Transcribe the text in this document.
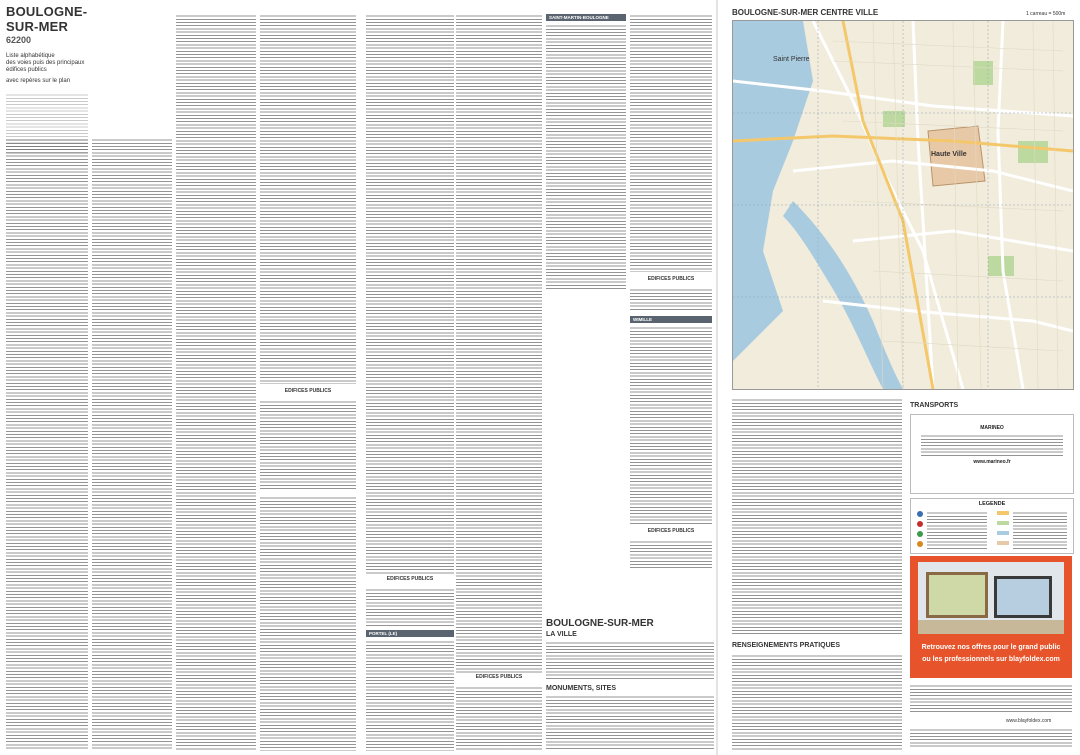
BOULOGNE-SUR-MER
62200
Liste alphabétique
des voies puis des principaux édifices publics
avec repères sur le plan
EDIFICES PUBLICS
EDIFICES PUBLICS
PORTEL (LE)
EDIFICES PUBLICS
SAINT-MARTIN-BOULOGNE
EDIFICES PUBLICS
WIMILLE
EDIFICES PUBLICS
BOULOGNE-SUR-MER CENTRE VILLE	1 carreau = 500m
Saint Pierre
Haute Ville
BOULOGNE-SUR-MER
LA VILLE
MONUMENTS, SITES
RENSEIGNEMENTS PRATIQUES
TRANSPORTS
MARINEO
www.marineo.fr
LEGENDE
Retrouvez nos offres pour le grand public
ou les professionnels sur blayfoldex.com
www.blayfoldex.com
